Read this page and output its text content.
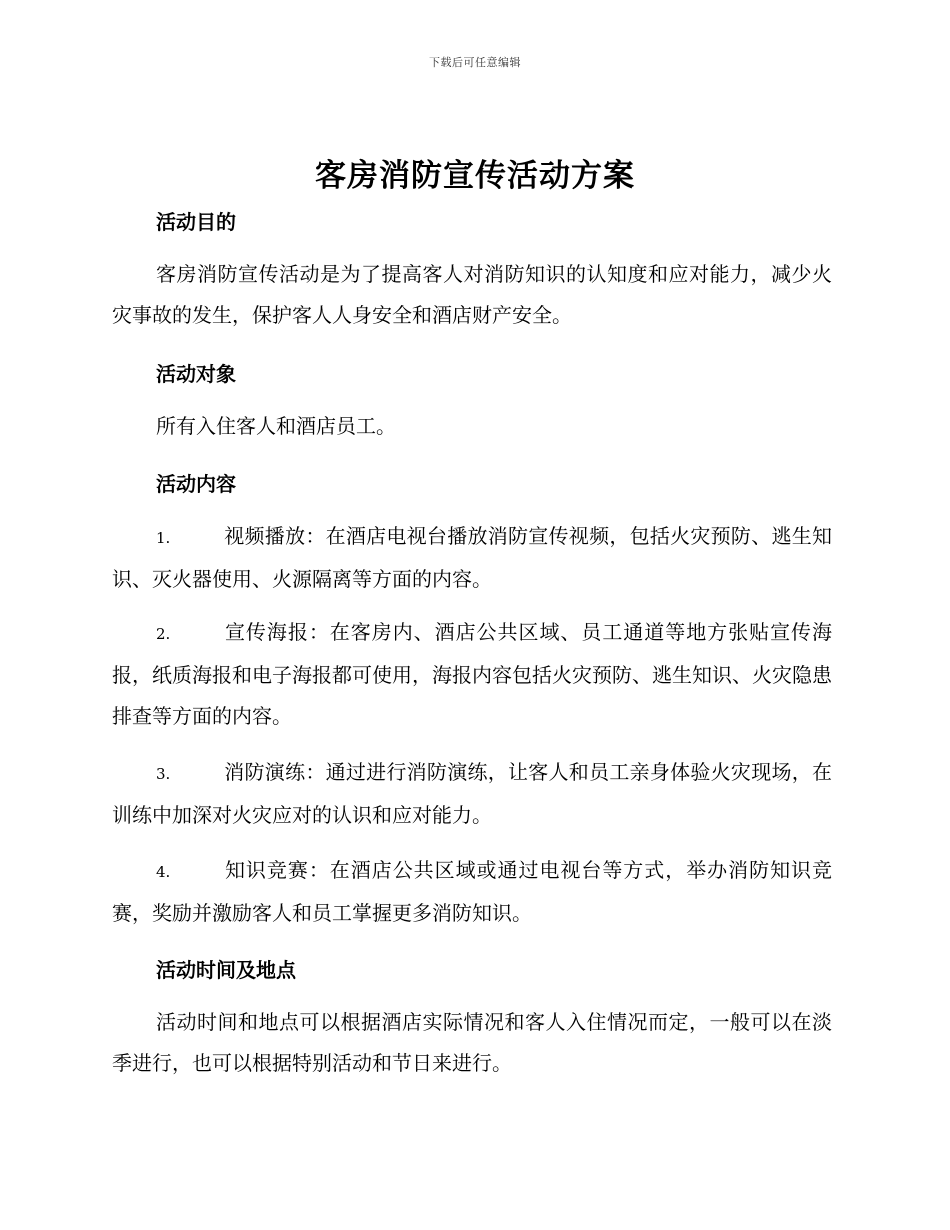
下载后可任意编辑
客房消防宣传活动方案
活动目的

客房消防宣传活动是为了提高客人对消防知识的认知度和应对能力，减少火灾事故的发生，保护客人人身安全和酒店财产安全。

活动对象

所有入住客人和酒店员工。

活动内容

1.	视频播放：在酒店电视台播放消防宣传视频，包括火灾预防、逃生知识、灭火器使用、火源隔离等方面的内容。

2.	宣传海报：在客房内、酒店公共区域、员工通道等地方张贴宣传海报，纸质海报和电子海报都可使用，海报内容包括火灾预防、逃生知识、火灾隐患排查等方面的内容。

3.	消防演练：通过进行消防演练，让客人和员工亲身体验火灾现场，在训练中加深对火灾应对的认识和应对能力。

4.	知识竞赛：在酒店公共区域或通过电视台等方式，举办消防知识竞赛，奖励并激励客人和员工掌握更多消防知识。

活动时间及地点

活动时间和地点可以根据酒店实际情况和客人入住情况而定，一般可以在淡季进行，也可以根据特别活动和节日来进行。
